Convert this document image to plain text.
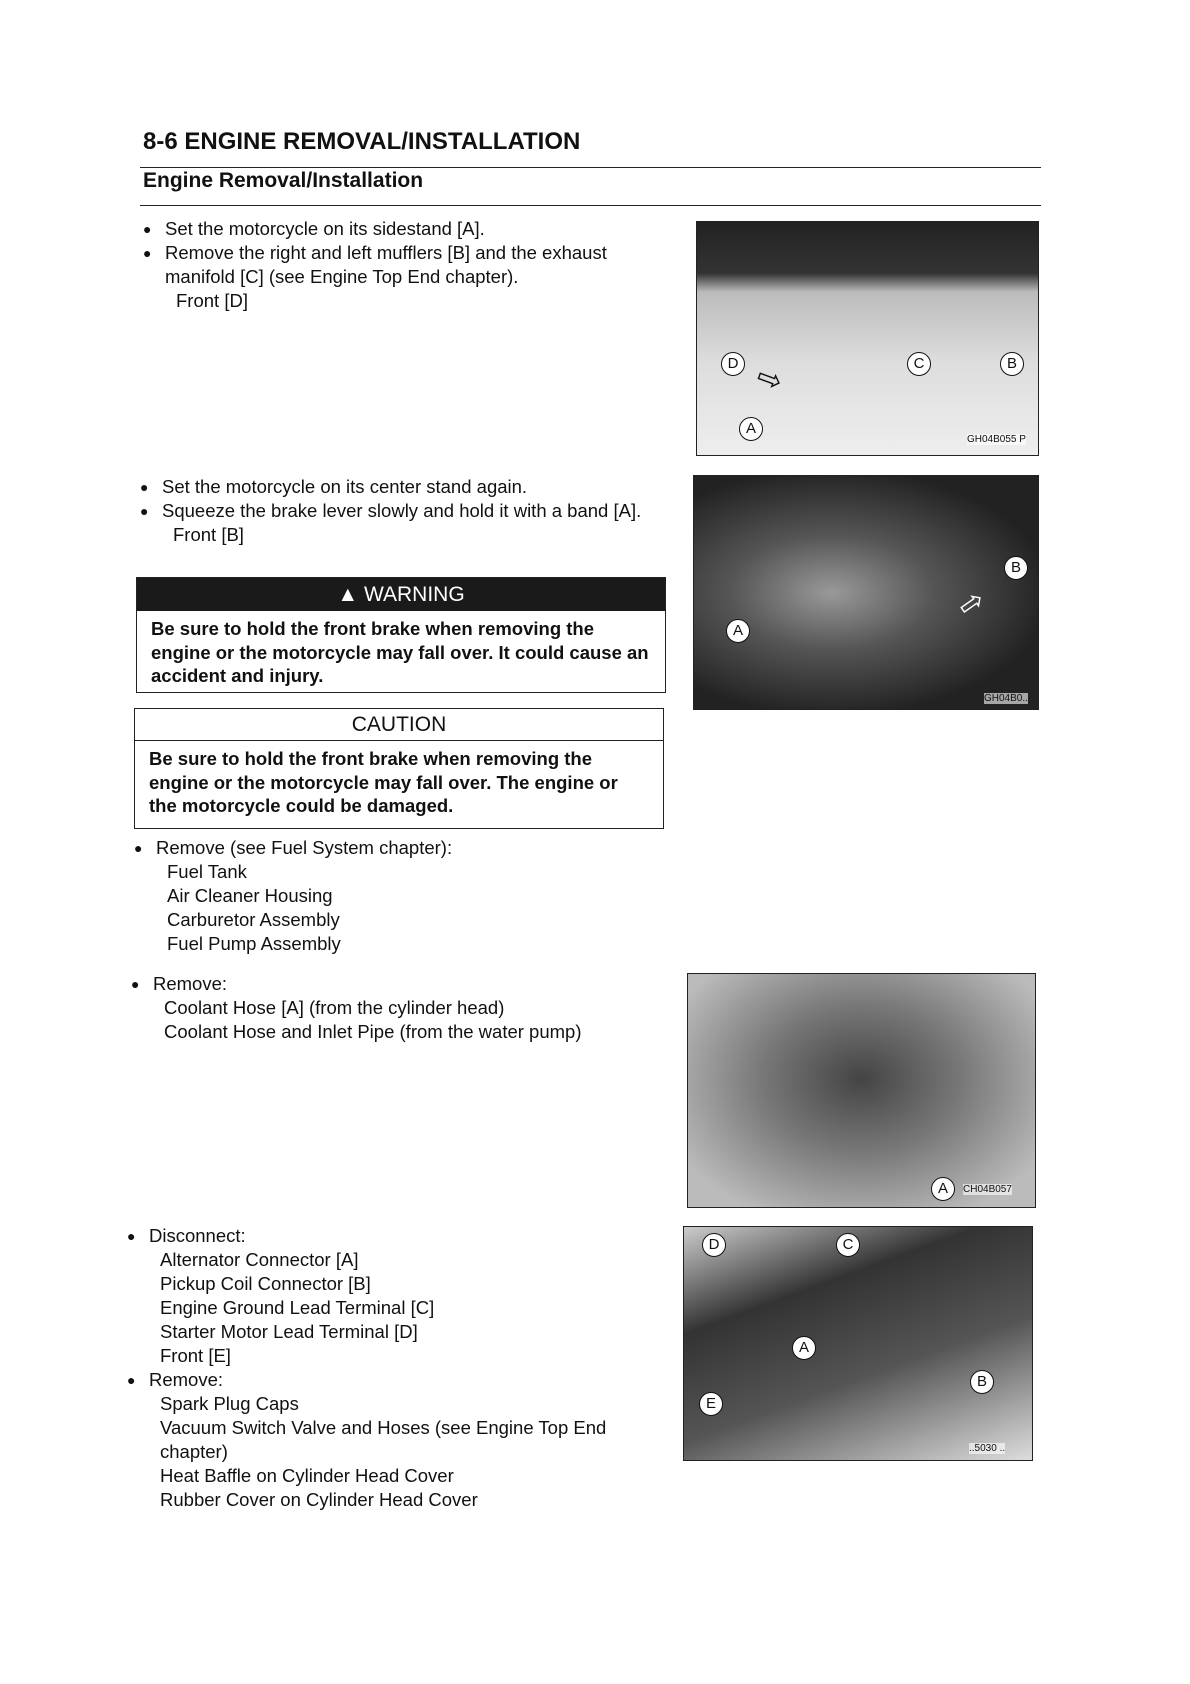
8-6 ENGINE REMOVAL/INSTALLATION
Engine Removal/Installation
● Set the motorcycle on its sidestand [A].
● Remove the right and left mufflers [B] and the exhaust manifold [C] (see Engine Top End chapter).
Front [D]
● Set the motorcycle on its center stand again.
● Squeeze the brake lever slowly and hold it with a band [A].
Front [B]
▲ WARNING
Be sure to hold the front brake when removing the engine or the motorcycle may fall over. It could cause an accident and injury.
CAUTION
Be sure to hold the front brake when removing the engine or the motorcycle may fall over. The engine or the motorcycle could be damaged.
● Remove (see Fuel System chapter):
Fuel Tank
Air Cleaner Housing
Carburetor Assembly
Fuel Pump Assembly
● Remove:
Coolant Hose [A] (from the cylinder head)
Coolant Hose and Inlet Pipe (from the water pump)
● Disconnect:
Alternator Connector [A]
Pickup Coil Connector [B]
Engine Ground Lead Terminal [C]
Starter Motor Lead Terminal [D]
Front [E]
● Remove:
Spark Plug Caps
Vacuum Switch Valve and Hoses (see Engine Top End chapter)
Heat Baffle on Cylinder Head Cover
Rubber Cover on Cylinder Head Cover
D ⇨	C	B
A
GH04B055 P
A
B
⇨
GH04B0..
A	CH04B057
D	C
A
B
E
..5030 ..
